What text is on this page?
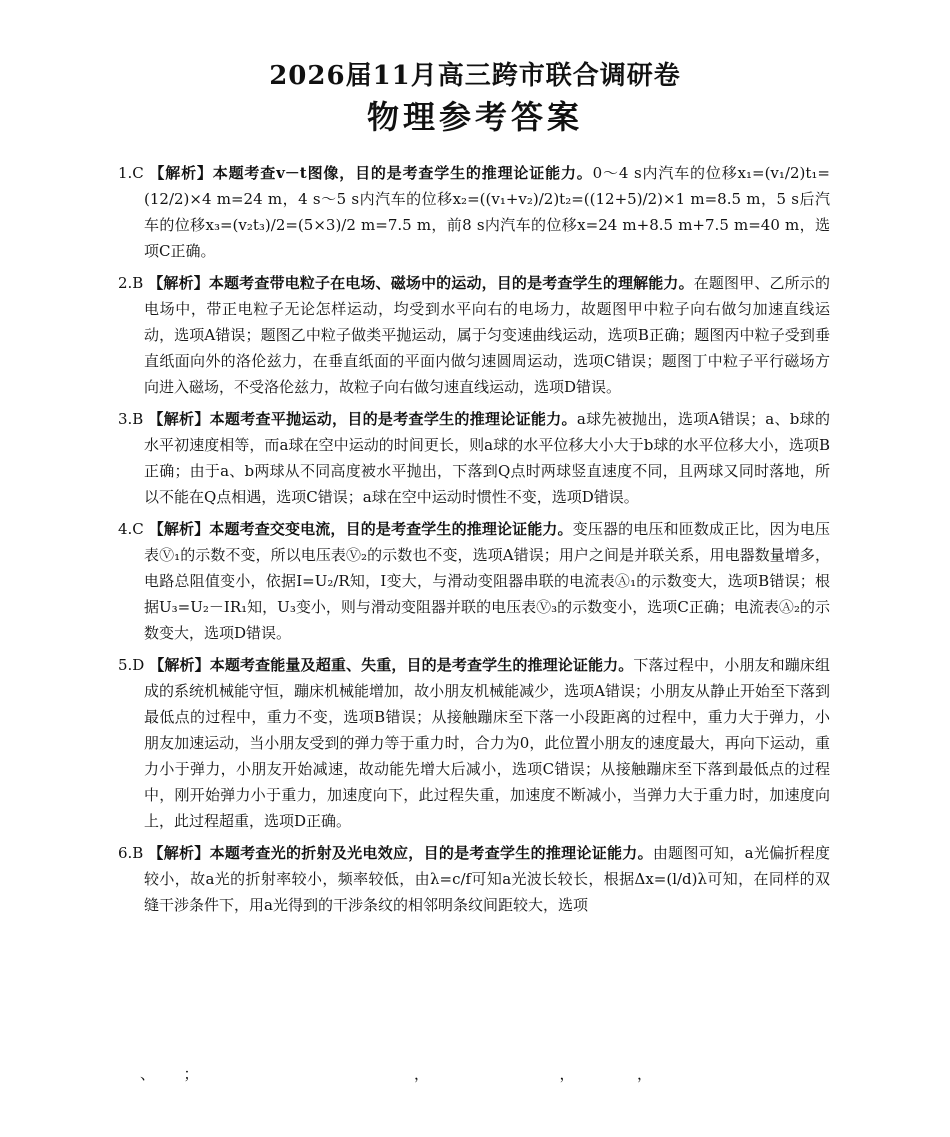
2026届11月高三跨市联合调研卷
物理参考答案

1.C 【解析】本题考查v－t图像，目的是考查学生的推理论证能力。0～4 s内汽车的位移x₁=(v₁/2)t₁=(12/2)×4 m=24 m，4 s～5 s内汽车的位移x₂=((v₁+v₂)/2)t₂=((12+5)/2)×1 m=8.5 m，5 s后汽车的位移x₃=(v₂t₃)/2=(5×3)/2 m=7.5 m，前8 s内汽车的位移x=24 m+8.5 m+7.5 m=40 m，选项C正确。

2.B 【解析】本题考查带电粒子在电场、磁场中的运动，目的是考查学生的理解能力。在题图甲、乙所示的电场中，带正电粒子无论怎样运动，均受到水平向右的电场力，故题图甲中粒子向右做匀加速直线运动，选项A错误；题图乙中粒子做类平抛运动，属于匀变速曲线运动，选项B正确；题图丙中粒子受到垂直纸面向外的洛伦兹力，在垂直纸面的平面内做匀速圆周运动，选项C错误；题图丁中粒子平行磁场方向进入磁场，不受洛伦兹力，故粒子向右做匀速直线运动，选项D错误。

3.B 【解析】本题考查平抛运动，目的是考查学生的推理论证能力。a球先被抛出，选项A错误；a、b球的水平初速度相等，而a球在空中运动的时间更长，则a球的水平位移大小大于b球的水平位移大小，选项B正确；由于a、b两球从不同高度被水平抛出，下落到Q点时两球竖直速度不同，且两球又同时落地，所以不能在Q点相遇，选项C错误；a球在空中运动时惯性不变，选项D错误。

4.C 【解析】本题考查交变电流，目的是考查学生的推理论证能力。变压器的电压和匝数成正比，因为电压表Ⓥ₁的示数不变，所以电压表Ⓥ₂的示数也不变，选项A错误；用户之间是并联关系，用电器数量增多，电路总阻值变小，依据I=U₂/R知，I变大，与滑动变阻器串联的电流表Ⓐ₁的示数变大，选项B错误；根据U₃=U₂－IR₁知，U₃变小，则与滑动变阻器并联的电压表Ⓥ₃的示数变小，选项C正确；电流表Ⓐ₂的示数变大，选项D错误。

5.D 【解析】本题考查能量及超重、失重，目的是考查学生的推理论证能力。下落过程中，小朋友和蹦床组成的系统机械能守恒，蹦床机械能增加，故小朋友机械能减少，选项A错误；小朋友从静止开始至下落到最低点的过程中，重力不变，选项B错误；从接触蹦床至下落一小段距离的过程中，重力大于弹力，小朋友加速运动，当小朋友受到的弹力等于重力时，合力为0，此位置小朋友的速度最大，再向下运动，重力小于弹力，小朋友开始减速，故动能先增大后减小，选项C错误；从接触蹦床至下落到最低点的过程中，刚开始弹力小于重力，加速度向下，此过程失重，加速度不断减小，当弹力大于重力时，加速度向上，此过程超重，选项D正确。

6.B 【解析】本题考查光的折射及光电效应，目的是考查学生的推理论证能力。由题图可知，a光偏折程度较小，故a光的折射率较小，频率较低，由λ=c/f可知a光波长较长，根据Δx=(l/d)λ可知，在同样的双缝干涉条件下，用a光得到的干涉条纹的相邻明条纹间距较大，选项

、　　；　　　　　　　　　　　　　，　　　　　　　　，　　　　，
